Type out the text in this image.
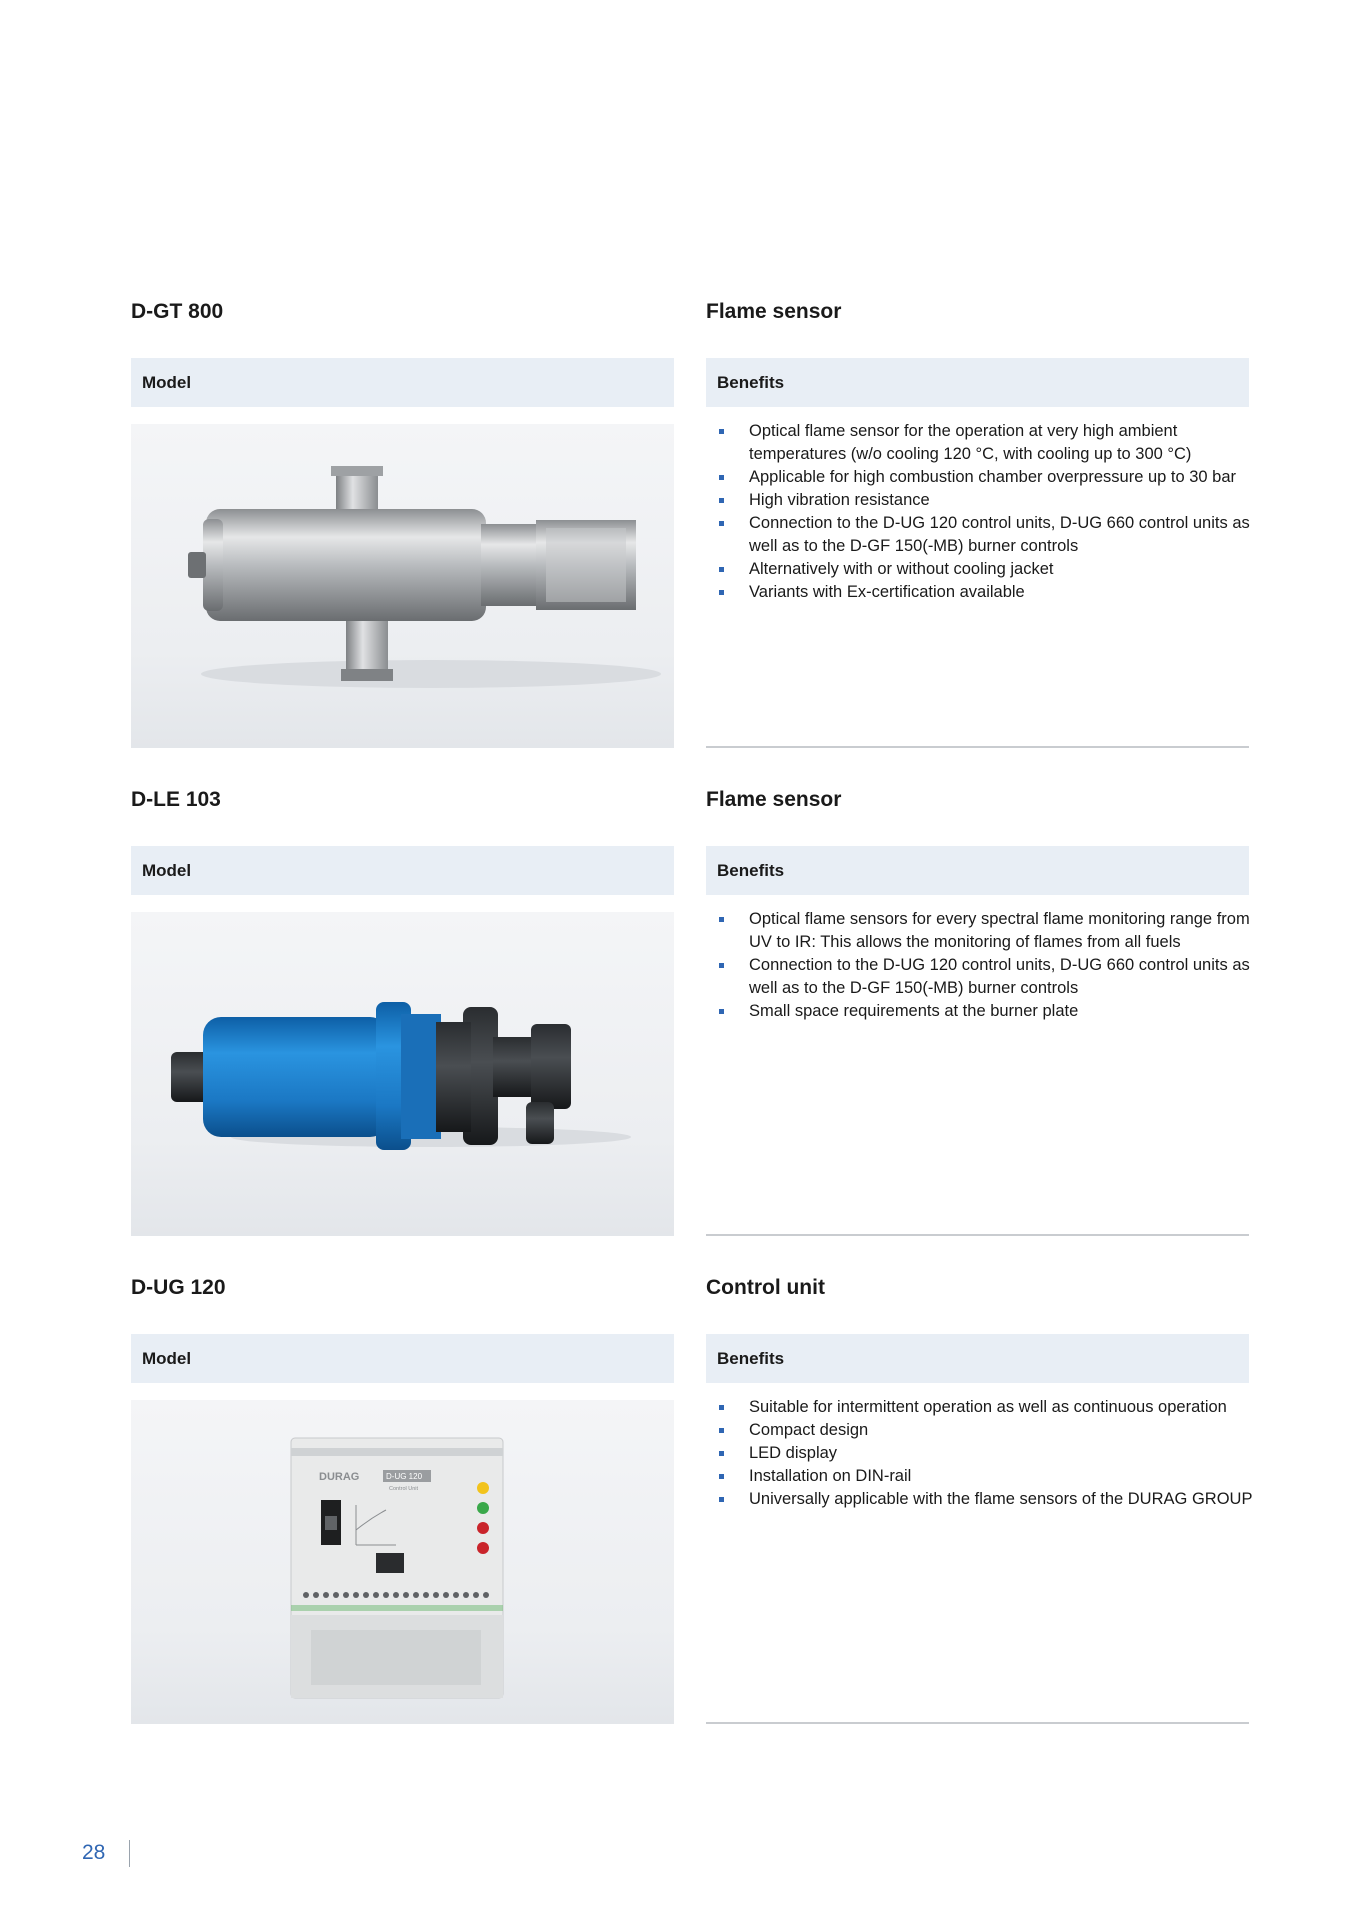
D-GT 800	Flame sensor
Model	Benefits
Optical flame sensor for the operation at very high ambient temperatures (w/o cooling 120 °C, with cooling up to 300 °C)
Applicable for high combustion chamber overpressure up to 30 bar
High vibration resistance
Connection to the D-UG 120 control units, D-UG 660 control units as well as to the D-GF 150(-MB) burner controls
Alternatively with or without cooling jacket
Variants with Ex-certification available
D-LE 103	Flame sensor
Model	Benefits
Optical flame sensors for every spectral flame monitoring range from UV to IR: This allows the monitoring of flames from all fuels
Connection to the D-UG 120 control units, D-UG 660 control units as well as to the D-GF 150(-MB) burner controls
Small space requirements at the burner plate
D-UG 120	Control unit
Model	Benefits
DURAG	D-UG 120
Control Unit
Suitable for intermittent operation as well as continuous operation
Compact design
LED display
Installation on DIN-rail
Universally applicable with the flame sensors of the DURAG GROUP
28
